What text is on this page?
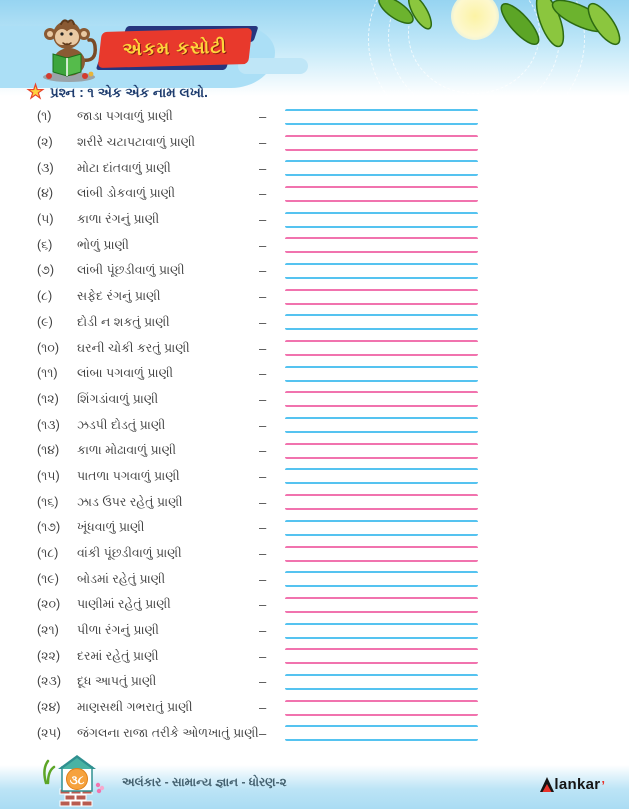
એકમ કસોટી
★ પ્રશ્ન : ૧ એક એક નામ લખો.
(૧)	જાડા પગવાળું પ્રાણી	–
(૨)	શરીરે ચટાપટાવાળું પ્રાણી	–
(૩)	મોટા દાંતવાળું પ્રાણી	–
(૪)	લાંબી ડોકવાળું પ્રાણી	–
(૫)	કાળા રંગનું પ્રાણી	–
(૬)	ભોળું પ્રાણી	–
(૭)	લાંબી પૂંછડીવાળું પ્રાણી	–
(૮)	સફેદ રંગનું પ્રાણી	–
(૯)	દોડી ન શકતું પ્રાણી	–
(૧૦)	ઘરની ચોકી કરતું પ્રાણી	–
(૧૧)	લાંબા પગવાળું પ્રાણી	–
(૧૨)	શિંગડાંવાળું પ્રાણી	–
(૧૩)	ઝડપી દોડતું પ્રાણી	–
(૧૪)	કાળા મોઢાવાળું પ્રાણી	–
(૧૫)	પાતળા પગવાળું પ્રાણી	–
(૧૬)	ઝાડ ઉપર રહેતું પ્રાણી	–
(૧૭)	ખૂંધવાળું પ્રાણી	–
(૧૮)	વાંકી પૂંછડીવાળું પ્રાણી	–
(૧૯)	બોડમાં રહેતું પ્રાણી	–
(૨૦)	પાણીમાં રહેતું પ્રાણી	–
(૨૧)	પીળા રંગનું પ્રાણી	–
(૨૨)	દરમાં રહેતું પ્રાણી	–
(૨૩)	દૂધ આપતું પ્રાણી	–
(૨૪)	માણસથી ગભરાતું પ્રાણી	–
(૨૫)	જંગલના રાજા તરીકે ઓળખાતું પ્રાણી –
૩૮	અલંકાર - સામાન્ય જ્ઞાન - ધોરણ-૨	lankar ’
